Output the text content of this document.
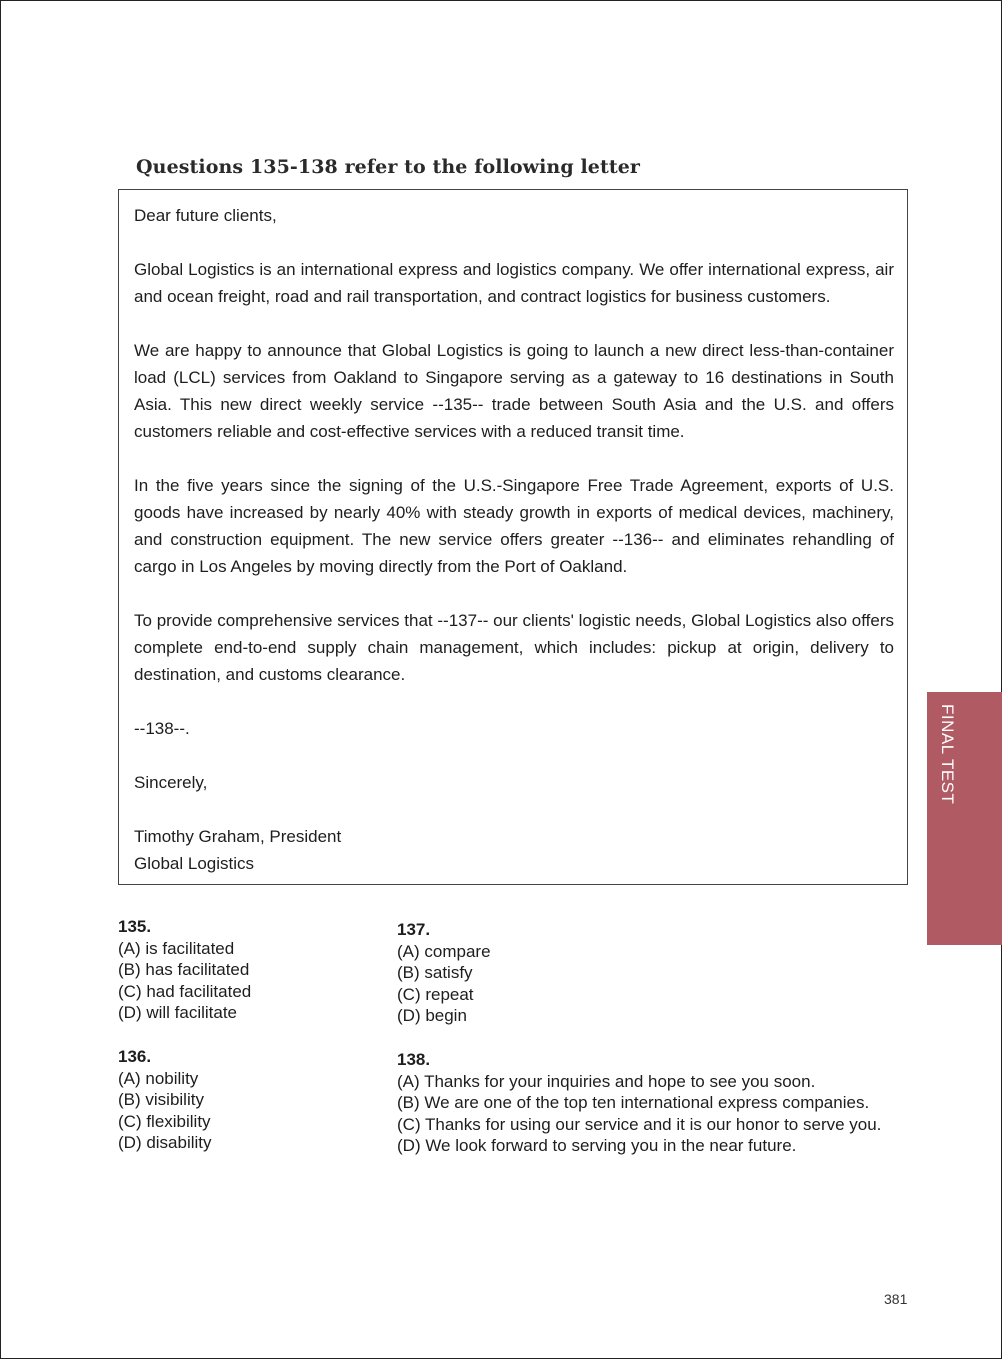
Questions 135-138 refer to the following letter

Dear future clients,

Global Logistics is an international express and logistics company. We offer international express, air and ocean freight, road and rail transportation, and contract logistics for business customers.

We are happy to announce that Global Logistics is going to launch a new direct less-than-container load (LCL) services from Oakland to Singapore serving as a gateway to 16 destinations in South Asia. This new direct weekly service --135-- trade between South Asia and the U.S. and offers customers reliable and cost-effective services with a reduced transit time.

In the five years since the signing of the U.S.-Singapore Free Trade Agreement, exports of U.S. goods have increased by nearly 40% with steady growth in exports of medical devices, machinery, and construction equipment. The new service offers greater --136-- and eliminates rehandling of cargo in Los Angeles by moving directly from the Port of Oakland.

To provide comprehensive services that --137-- our clients' logistic needs, Global Logistics also offers complete end-to-end supply chain management, which includes: pickup at origin, delivery to destination, and customs clearance.

--138--.

Sincerely,

Timothy Graham, President
Global Logistics

FINAL TEST
135.
(A) is facilitated
(B) has facilitated
(C) had facilitated
(D) will facilitate
136.
(A) nobility
(B) visibility
(C) flexibility
(D) disability
137.
(A) compare
(B) satisfy
(C) repeat
(D) begin
138.
(A) Thanks for your inquiries and hope to see you soon.
(B) We are one of the top ten international express companies.
(C) Thanks for using our service and it is our honor to serve you.
(D) We look forward to serving you in the near future.
381
